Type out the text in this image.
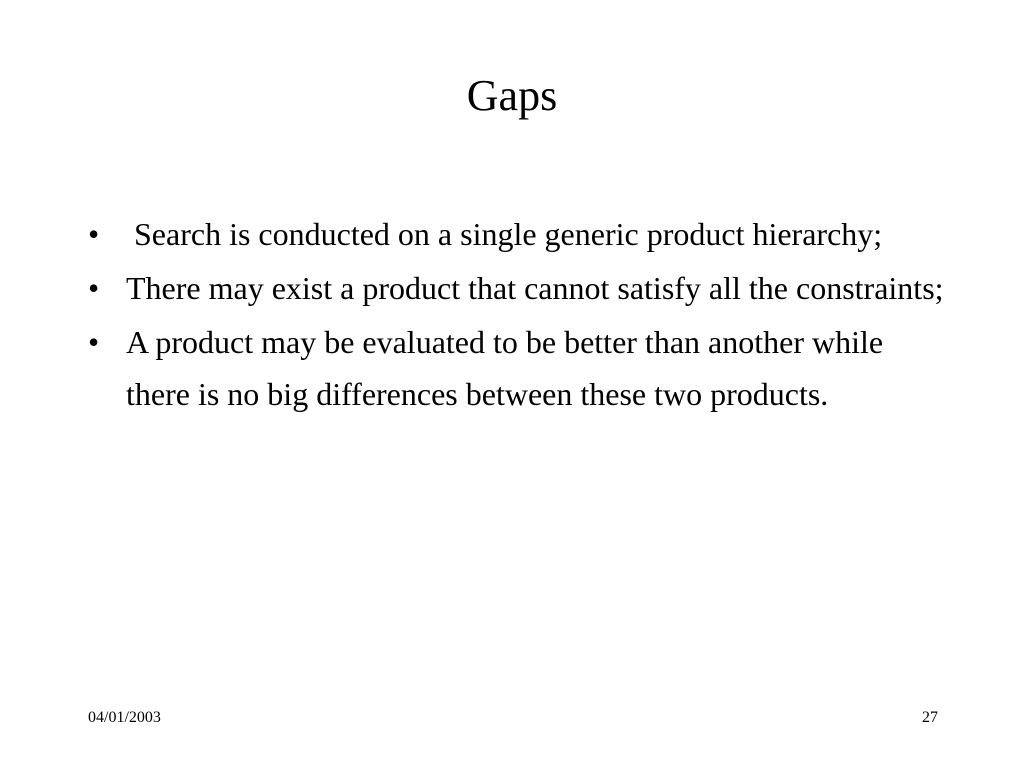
Gaps
• Search is conducted on a single generic product hierarchy;
• There may exist a product that cannot satisfy all the constraints;
• A product may be evaluated to be better than another while there is no big differences between these two products.
04/01/2003	27
